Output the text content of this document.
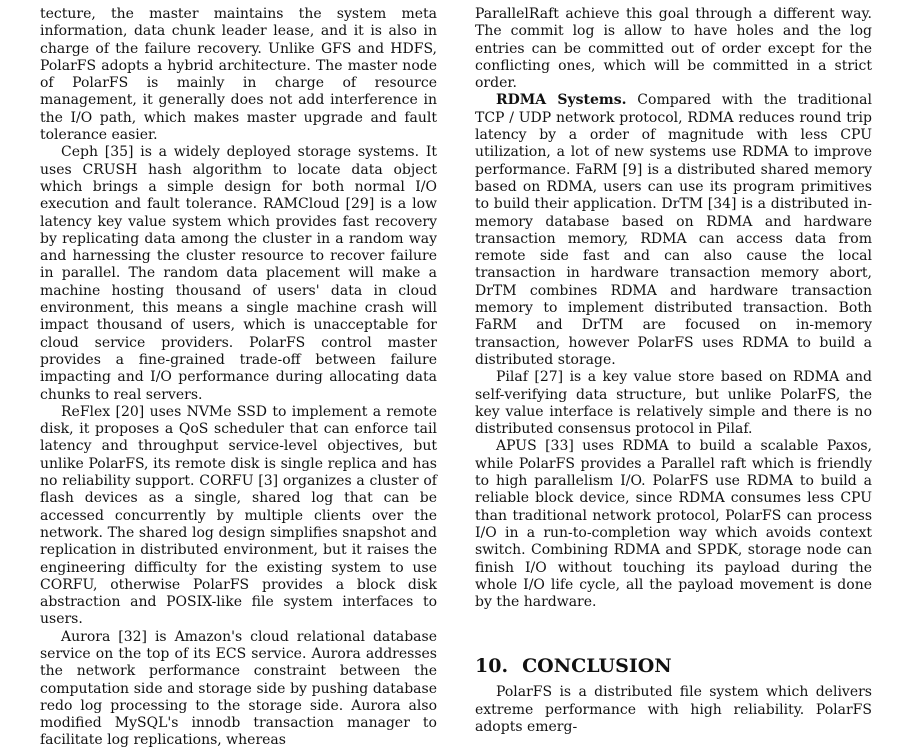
tecture, the master maintains the system meta information, data chunk leader lease, and it is also in charge of the failure recovery. Unlike GFS and HDFS, PolarFS adopts a hybrid architecture. The master node of PolarFS is mainly in charge of resource management, it generally does not add interference in the I/O path, which makes master upgrade and fault tolerance easier.

Ceph [35] is a widely deployed storage systems. It uses CRUSH hash algorithm to locate data object which brings a simple design for both normal I/O execution and fault tolerance. RAMCloud [29] is a low latency key value system which provides fast recovery by replicating data among the cluster in a random way and harnessing the cluster resource to recover failure in parallel. The random data placement will make a machine hosting thousand of users' data in cloud environment, this means a single machine crash will impact thousand of users, which is unacceptable for cloud service providers. PolarFS control master provides a fine-grained trade-off between failure impacting and I/O performance during allocating data chunks to real servers.

ReFlex [20] uses NVMe SSD to implement a remote disk, it proposes a QoS scheduler that can enforce tail latency and throughput service-level objectives, but unlike PolarFS, its remote disk is single replica and has no reliability support. CORFU [3] organizes a cluster of flash devices as a single, shared log that can be accessed concurrently by multiple clients over the network. The shared log design simplifies snapshot and replication in distributed environment, but it raises the engineering difficulty for the existing system to use CORFU, otherwise PolarFS provides a block disk abstraction and POSIX-like file system interfaces to users.

Aurora [32] is Amazon's cloud relational database service on the top of its ECS service. Aurora addresses the network performance constraint between the computation side and storage side by pushing database redo log processing to the storage side. Aurora also modified MySQL's innodb transaction manager to facilitate log replications, whereas

ParallelRaft achieve this goal through a different way. The commit log is allow to have holes and the log entries can be committed out of order except for the conflicting ones, which will be committed in a strict order.

RDMA Systems. Compared with the traditional TCP / UDP network protocol, RDMA reduces round trip latency by a order of magnitude with less CPU utilization, a lot of new systems use RDMA to improve performance. FaRM [9] is a distributed shared memory based on RDMA, users can use its program primitives to build their application. DrTM [34] is a distributed in-memory database based on RDMA and hardware transaction memory, RDMA can access data from remote side fast and can also cause the local transaction in hardware transaction memory abort, DrTM combines RDMA and hardware transaction memory to implement distributed transaction. Both FaRM and DrTM are focused on in-memory transaction, however PolarFS uses RDMA to build a distributed storage.

Pilaf [27] is a key value store based on RDMA and self-verifying data structure, but unlike PolarFS, the key value interface is relatively simple and there is no distributed consensus protocol in Pilaf.

APUS [33] uses RDMA to build a scalable Paxos, while PolarFS provides a Parallel raft which is friendly to high parallelism I/O. PolarFS use RDMA to build a reliable block device, since RDMA consumes less CPU than traditional network protocol, PolarFS can process I/O in a run-to-completion way which avoids context switch. Combining RDMA and SPDK, storage node can finish I/O without touching its payload during the whole I/O life cycle, all the payload movement is done by the hardware.

10. CONCLUSION

PolarFS is a distributed file system which delivers extreme performance with high reliability. PolarFS adopts emerg-
